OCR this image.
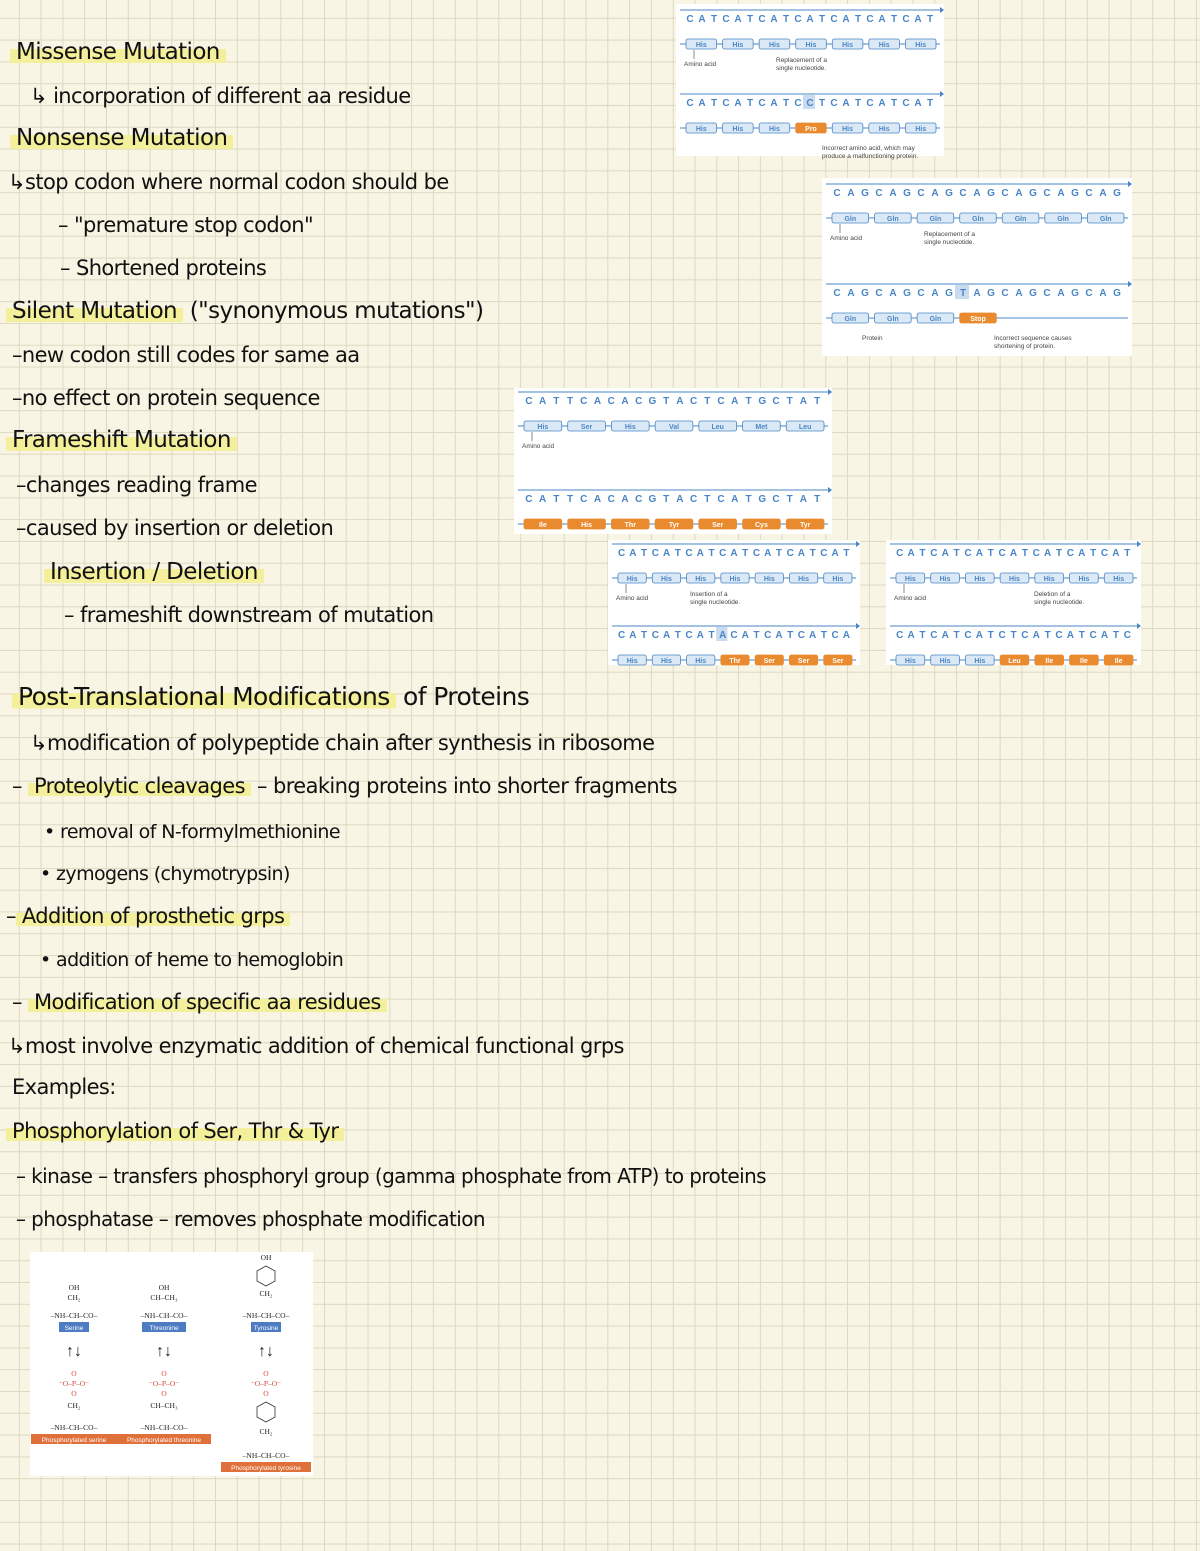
Missense Mutation
↳ incorporation of different aa residue
Nonsense Mutation
↳stop codon where normal codon should be
– "premature stop codon"
– Shortened proteins
Silent Mutation ("synonymous mutations")
–new codon still codes for same aa
–no effect on protein sequence
Frameshift Mutation
–changes reading frame
–caused by insertion or deletion
Insertion / Deletion
– frameshift downstream of mutation
Post-Translational Modifications of Proteins
↳modification of polypeptide chain after synthesis in ribosome
– Proteolytic cleavages – breaking proteins into shorter fragments
• removal of N-formylmethionine
• zymogens (chymotrypsin)
– Addition of prosthetic grps
• addition of heme to hemoglobin
– Modification of specific aa residues
↳most involve enzymatic addition of chemical functional grps
Examples:
Phosphorylation of Ser, Thr & Tyr
– kinase – transfers phosphoryl group (gamma phosphate from ATP) to proteins
– phosphatase – removes phosphate modification
C A T C A T C A T C A T C A T C A T C A T
His	His	His	His	His	His	His
Amino acid
Replacement of a
single nucleotide.
C A T C A T C A T C C T C A T C A T C A T
His	His	His	Pro	His	His	His
Incorrect amino acid, which may
produce a malfunctioning protein.
C A G C A G C A G C A G C A G C A G C A G
Gln	Gln	Gln	Gln	Gln	Gln	Gln
Amino acid
Replacement of a
single nucleotide.
C A G C A G C A G T A G C A G C A G C A G
Gln	Gln	Gln	Stop
Protein	Incorrect sequence causes
shortening of protein.
C A T T C A C A C G T A C T C A T G C T A T
His	Ser	His	Val	Leu	Met	Leu
Amino acid
C A T T C A C A C G T A C T C A T G C T A T
Ile	His	Thr	Tyr	Ser	Cys	Tyr
C A T C A T C A T C A T C A T C A T C A T
His	His	His	His	His	His	His
Amino acid
Insertion of a
single nucleotide.
C A T C A T C A T A C A T C A T C A T C A
His	His	His	Thr	Ser	Ser	Ser
C A T C A T C A T C A T C A T C A T C A T
His	His	His	His	His	His	His
Amino acid
Deletion of a
single nucleotide.
C A T C A T C A T C T C A T C A T C A T C
His	His	His	Leu	Ile	Ile	Ile
OH
CH₂
–NH–CH–CO–
Serine
↑↓
O
⁻O–P–O⁻
O
CH₂
–NH–CH–CO–
Phosphorylated serine
OH
CH–CH₃
–NH–CH–CO–
Threonine
↑↓
O
⁻O–P–O⁻
O
CH–CH₃
–NH–CH–CO–
Phosphorylated threonine
OH
CH₂
–NH–CH–CO–
Tyrosine
↑↓
O
⁻O–P–O⁻
O
CH₂
–NH–CH–CO–
Phosphorylated tyrosine
